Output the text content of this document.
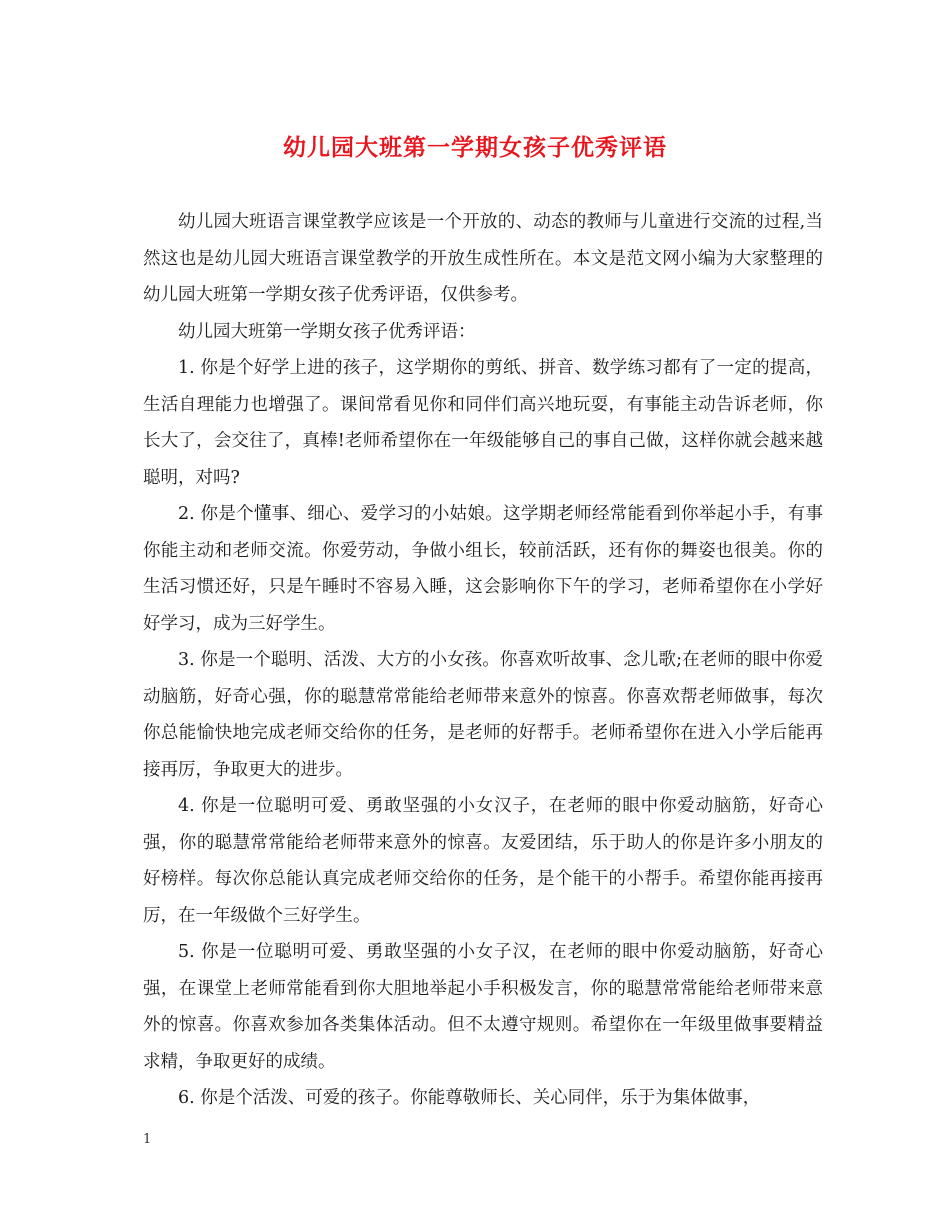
幼儿园大班第一学期女孩子优秀评语

幼儿园大班语言课堂教学应该是一个开放的、动态的教师与儿童进行交流的过程,当然这也是幼儿园大班语言课堂教学的开放生成性所在。本文是范文网小编为大家整理的幼儿园大班第一学期女孩子优秀评语，仅供参考。

幼儿园大班第一学期女孩子优秀评语：

1. 你是个好学上进的孩子，这学期你的剪纸、拼音、数学练习都有了一定的提高，生活自理能力也增强了。课间常看见你和同伴们高兴地玩耍，有事能主动告诉老师，你长大了，会交往了，真棒!老师希望你在一年级能够自己的事自己做，这样你就会越来越聪明，对吗?

2. 你是个懂事、细心、爱学习的小姑娘。这学期老师经常能看到你举起小手，有事你能主动和老师交流。你爱劳动，争做小组长，较前活跃，还有你的舞姿也很美。你的生活习惯还好，只是午睡时不容易入睡，这会影响你下午的学习，老师希望你在小学好好学习，成为三好学生。

3. 你是一个聪明、活泼、大方的小女孩。你喜欢听故事、念儿歌;在老师的眼中你爱动脑筋，好奇心强，你的聪慧常常能给老师带来意外的惊喜。你喜欢帮老师做事，每次你总能愉快地完成老师交给你的任务，是老师的好帮手。老师希望你在进入小学后能再接再厉，争取更大的进步。

4. 你是一位聪明可爱、勇敢坚强的小女汉子，在老师的眼中你爱动脑筋，好奇心强，你的聪慧常常能给老师带来意外的惊喜。友爱团结，乐于助人的你是许多小朋友的好榜样。每次你总能认真完成老师交给你的任务，是个能干的小帮手。希望你能再接再厉，在一年级做个三好学生。

5. 你是一位聪明可爱、勇敢坚强的小女子汉，在老师的眼中你爱动脑筋，好奇心强，在课堂上老师常能看到你大胆地举起小手积极发言，你的聪慧常常能给老师带来意外的惊喜。你喜欢参加各类集体活动。但不太遵守规则。希望你在一年级里做事要精益求精，争取更好的成绩。

6. 你是个活泼、可爱的孩子。你能尊敬师长、关心同伴，乐于为集体做事，

1
